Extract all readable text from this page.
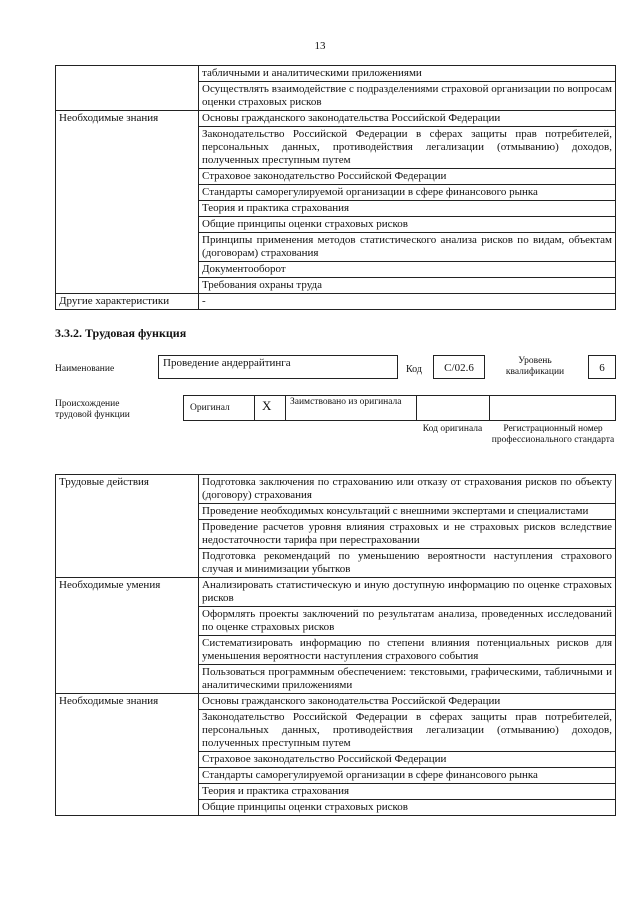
13
	табличными и аналитическими приложениями
	Осуществлять взаимодействие с подразделениями страховой организации по вопросам оценки страховых рисков
Необходимые знания	Основы гражданского законодательства Российской Федерации
	Законодательство Российской Федерации в сферах защиты прав потребителей, персональных данных, противодействия легализации (отмыванию) доходов, полученных преступным путем
	Страховое законодательство Российской Федерации
	Стандарты саморегулируемой организации в сфере финансового рынка
	Теория и практика страхования
	Общие принципы оценки страховых рисков
	Принципы применения методов статистического анализа рисков по видам, объектам (договорам) страхования
	Документооборот
	Требования охраны труда
Другие характеристики	-
3.3.2. Трудовая функция
Наименование	Проведение андеррайтинга
Код	С/02.6
Уровень квалификации	6
Происхождение трудовой функции
Оригинал X Заимствовано из оригинала
Код оригинала	Регистрационный номер профессионального стандарта
Трудовые действия	Подготовка заключения по страхованию или отказу от страхования рисков по объекту (договору) страхования
	Проведение необходимых консультаций с внешними экспертами и специалистами
	Проведение расчетов уровня влияния страховых и не страховых рисков вследствие недостаточности тарифа при перестраховании
	Подготовка рекомендаций по уменьшению вероятности наступления страхового случая и минимизации убытков
Необходимые умения	Анализировать статистическую и иную доступную информацию по оценке страховых рисков
	Оформлять проекты заключений по результатам анализа, проведенных исследований по оценке страховых рисков
	Систематизировать информацию по степени влияния потенциальных рисков для уменьшения вероятности наступления страхового события
	Пользоваться программным обеспечением: текстовыми, графическими, табличными и аналитическими приложениями
Необходимые знания	Основы гражданского законодательства Российской Федерации
	Законодательство Российской Федерации в сферах защиты прав потребителей, персональных данных, противодействия легализации (отмыванию) доходов, полученных преступным путем
	Страховое законодательство Российской Федерации
	Стандарты саморегулируемой организации в сфере финансового рынка
	Теория и практика страхования
	Общие принципы оценки страховых рисков
